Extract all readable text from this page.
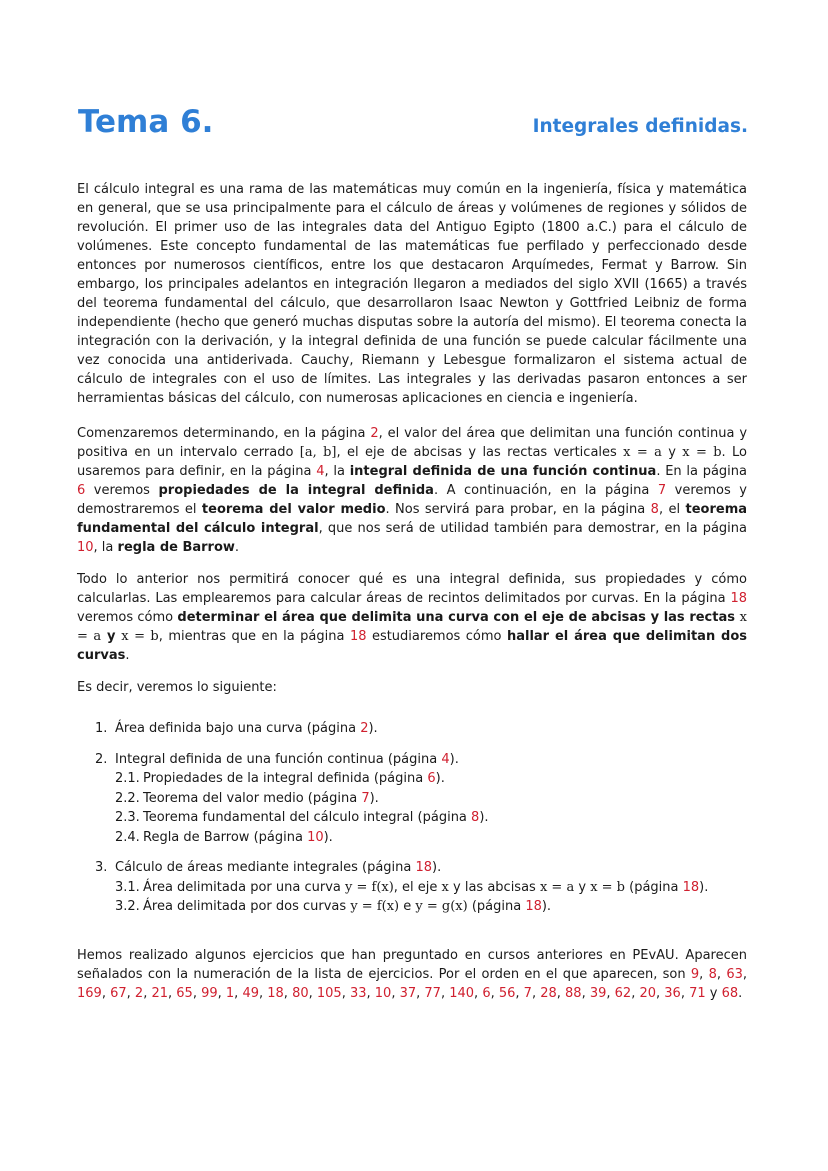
Tema 6.	Integrales definidas.

El cálculo integral es una rama de las matemáticas muy común en la ingeniería, física y matemática en general, que se usa principalmente para el cálculo de áreas y volúmenes de regiones y sólidos de revolución. El primer uso de las integrales data del Antiguo Egipto (1800 a.C.) para el cálculo de volúmenes. Este concepto fundamental de las matemáticas fue perfilado y perfeccionado desde entonces por numerosos científicos, entre los que destacaron Arquímedes, Fermat y Barrow. Sin embargo, los principales adelantos en integración llegaron a mediados del siglo XVII (1665) a través del teorema fundamental del cálculo, que desarrollaron Isaac Newton y Gottfried Leibniz de forma independiente (hecho que generó muchas disputas sobre la autoría del mismo). El teorema conecta la integración con la derivación, y la integral definida de una función se puede calcular fácilmente una vez conocida una antiderivada. Cauchy, Riemann y Lebesgue formalizaron el sistema actual de cálculo de integrales con el uso de límites. Las integrales y las derivadas pasaron entonces a ser herramientas básicas del cálculo, con numerosas aplicaciones en ciencia e ingeniería.

Comenzaremos determinando, en la página 2, el valor del área que delimitan una función continua y positiva en un intervalo cerrado [a, b], el eje de abcisas y las rectas verticales x = a y x = b. Lo usaremos para definir, en la página 4, la integral definida de una función continua. En la página 6 veremos propiedades de la integral definida. A continuación, en la página 7 veremos y demostraremos el teorema del valor medio. Nos servirá para probar, en la página 8, el teorema fundamental del cálculo integral, que nos será de utilidad también para demostrar, en la página 10, la regla de Barrow.

Todo lo anterior nos permitirá conocer qué es una integral definida, sus propiedades y cómo calcularlas. Las emplearemos para calcular áreas de recintos delimitados por curvas. En la página 18 veremos cómo determinar el área que delimita una curva con el eje de abcisas y las rectas x = a y x = b, mientras que en la página 18 estudiaremos cómo hallar el área que delimitan dos curvas.

Es decir, veremos lo siguiente:

1. Área definida bajo una curva (página 2).
2. Integral definida de una función continua (página 4).
2.1. Propiedades de la integral definida (página 6).
2.2. Teorema del valor medio (página 7).
2.3. Teorema fundamental del cálculo integral (página 8).
2.4. Regla de Barrow (página 10).
3. Cálculo de áreas mediante integrales (página 18).
3.1. Área delimitada por una curva y = f(x), el eje x y las abcisas x = a y x = b (página 18).
3.2. Área delimitada por dos curvas y = f(x) e y = g(x) (página 18).

Hemos realizado algunos ejercicios que han preguntado en cursos anteriores en PEvAU. Aparecen señalados con la numeración de la lista de ejercicios. Por el orden en el que aparecen, son 9, 8, 63, 169, 67, 2, 21, 65, 99, 1, 49, 18, 80, 105, 33, 10, 37, 77, 140, 6, 56, 7, 28, 88, 39, 62, 20, 36, 71 y 68.
